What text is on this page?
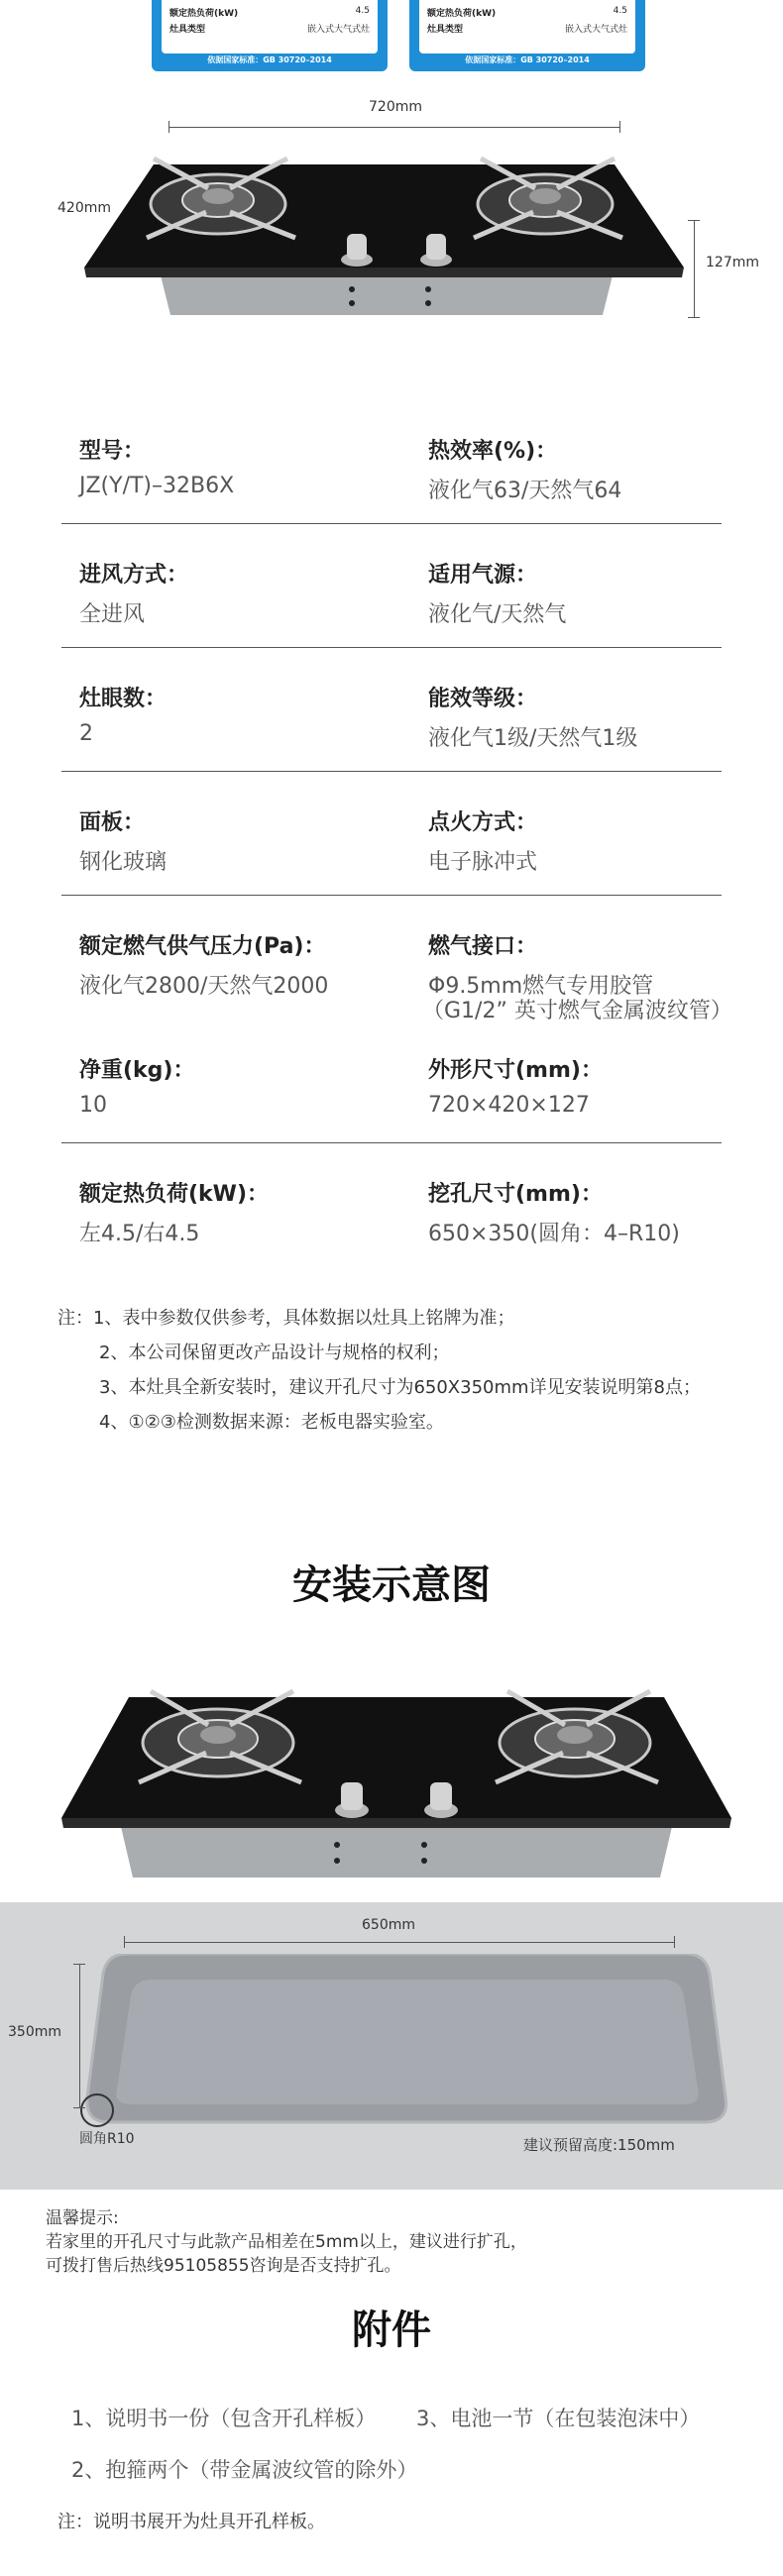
额定热负荷(kW)	4.5
灶具类型	嵌入式大气式灶
依据国家标准：GB 30720–2014
额定热负荷(kW)	4.5
灶具类型	嵌入式大气式灶
依据国家标准：GB 30720–2014
720mm
420mm
127mm
型号：
JZ(Y/T)–32B6X
热效率(%)：
液化气63/天然气64
进风方式：
全进风
适用气源：
液化气/天然气
灶眼数：
2
能效等级：
液化气1级/天然气1级
面板：
钢化玻璃
点火方式：
电子脉冲式
额定燃气供气压力(Pa)：
液化气2800/天然气2000
燃气接口：
Φ9.5mm燃气专用胶管
（G1/2” 英寸燃气金属波纹管）
净重(kg)：
10
外形尺寸(mm)：
720×420×127
额定热负荷(kW)：
左4.5/右4.5
挖孔尺寸(mm)：
650×350(圆角：4–R10)
注：1、表中参数仅供参考，具体数据以灶具上铭牌为准；
2、本公司保留更改产品设计与规格的权利；
3、本灶具全新安装时，建议开孔尺寸为650X350mm详见安装说明第8点；
4、①②③检测数据来源：老板电器实验室。
安装示意图
650mm
350mm
圆角R10	建议预留高度:150mm
温馨提示:
若家里的开孔尺寸与此款产品相差在5mm以上，建议进行扩孔，
可拨打售后热线95105855咨询是否支持扩孔。
附件
1、说明书一份（包含开孔样板） 3、电池一节（在包装泡沫中）
2、抱箍两个（带金属波纹管的除外）
注：说明书展开为灶具开孔样板。
